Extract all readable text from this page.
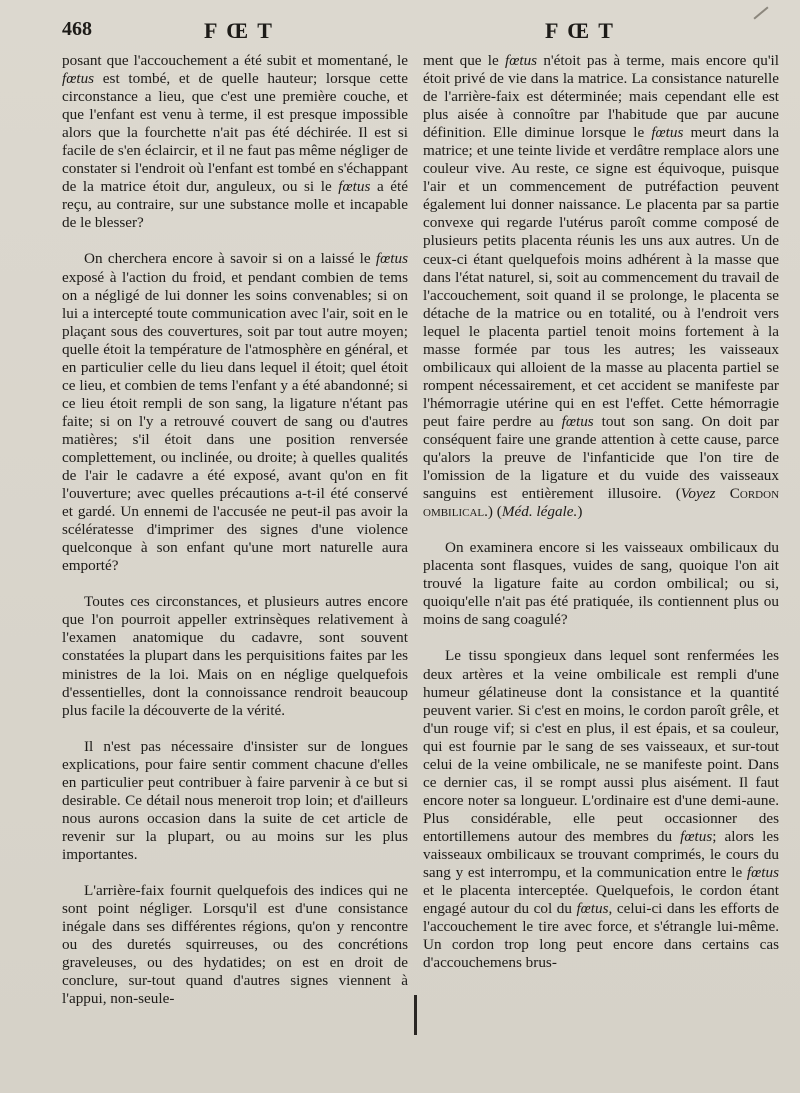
468	F Œ T	F Œ T

posant que l'accouchement a été subit et momentané, le fœtus est tombé, et de quelle hauteur; lorsque cette circonstance a lieu, que c'est une première couche, et que l'enfant est venu à terme, il est presque impossible alors que la fourchette n'ait pas été déchirée. Il est si facile de s'en éclaircir, et il ne faut pas même négliger de constater si l'endroit où l'enfant est tombé en s'échappant de la matrice étoit dur, anguleux, ou si le fœtus a été reçu, au contraire, sur une substance molle et incapable de le blesser?

On cherchera encore à savoir si on a laissé le fœtus exposé à l'action du froid, et pendant combien de tems on a négligé de lui donner les soins convenables; si on lui a intercepté toute communication avec l'air, soit en le plaçant sous des couvertures, soit par tout autre moyen; quelle étoit la température de l'atmosphère en général, et en particulier celle du lieu dans lequel il étoit; quel étoit ce lieu, et combien de tems l'enfant y a été abandonné; si ce lieu étoit rempli de son sang, la ligature n'étant pas faite; si on l'y a retrouvé couvert de sang ou d'autres matières; s'il étoit dans une position renversée complettement, ou inclinée, ou droite; à quelles qualités de l'air le cadavre a été exposé, avant qu'on en fit l'ouverture; avec quelles précautions a-t-il été conservé et gardé. Un ennemi de l'accusée ne peut-il pas avoir la scélératesse d'imprimer des signes d'une violence quelconque à son enfant qu'une mort naturelle aura emporté?

Toutes ces circonstances, et plusieurs autres encore que l'on pourroit appeller extrinsèques relativement à l'examen anatomique du cadavre, sont souvent constatées la plupart dans les perquisitions faites par les ministres de la loi. Mais on en néglige quelquefois d'essentielles, dont la connoissance rendroit beaucoup plus facile la découverte de la vérité.

Il n'est pas nécessaire d'insister sur de longues explications, pour faire sentir comment chacune d'elles en particulier peut contribuer à faire parvenir à ce but si desirable. Ce détail nous meneroit trop loin; et d'ailleurs nous aurons occasion dans la suite de cet article de revenir sur la plupart, ou au moins sur les plus importantes.

L'arrière-faix fournit quelquefois des indices qui ne sont point négliger. Lorsqu'il est d'une consistance inégale dans ses différentes régions, qu'on y rencontre ou des duretés squirreuses, ou des concrétions graveleuses, ou des hydatides; on est en droit de conclure, sur-tout quand d'autres signes viennent à l'appui, non-seule-

ment que le fœtus n'étoit pas à terme, mais encore qu'il étoit privé de vie dans la matrice. La consistance naturelle de l'arrière-faix est déterminée; mais cependant elle est plus aisée à connoître par l'habitude que par aucune définition. Elle diminue lorsque le fœtus meurt dans la matrice; et une teinte livide et verdâtre remplace alors une couleur vive. Au reste, ce signe est équivoque, puisque l'air et un commencement de putréfaction peuvent également lui donner naissance. Le placenta par sa partie convexe qui regarde l'utérus paroît comme composé de plusieurs petits placenta réunis les uns aux autres. Un de ceux-ci étant quelquefois moins adhérent à la masse que dans l'état naturel, si, soit au commencement du travail de l'accouchement, soit quand il se prolonge, le placenta se détache de la matrice ou en totalité, ou à l'endroit vers lequel le placenta partiel tenoit moins fortement à la masse formée par tous les autres; les vaisseaux ombilicaux qui alloient de la masse au placenta partiel se rompent nécessairement, et cet accident se manifeste par l'hémorragie utérine qui en est l'effet. Cette hémorragie peut faire perdre au fœtus tout son sang. On doit par conséquent faire une grande attention à cette cause, parce qu'alors la preuve de l'infanticide que l'on tire de l'omission de la ligature et du vuide des vaisseaux sanguins est entièrement illusoire. (Voyez Cordon ombilical.) (Méd. légale.)

On examinera encore si les vaisseaux ombilicaux du placenta sont flasques, vuides de sang, quoique l'on ait trouvé la ligature faite au cordon ombilical; ou si, quoiqu'elle n'ait pas été pratiquée, ils contiennent plus ou moins de sang coagulé?

Le tissu spongieux dans lequel sont renfermées les deux artères et la veine ombilicale est rempli d'une humeur gélatineuse dont la consistance et la quantité peuvent varier. Si c'est en moins, le cordon paroît grêle, et d'un rouge vif; si c'est en plus, il est épais, et sa couleur, qui est fournie par le sang de ses vaisseaux, et sur-tout celui de la veine ombilicale, ne se manifeste point. Dans ce dernier cas, il se rompt aussi plus aisément. Il faut encore noter sa longueur. L'ordinaire est d'une demi-aune. Plus considérable, elle peut occasionner des entortillemens autour des membres du fœtus; alors les vaisseaux ombilicaux se trouvant comprimés, le cours du sang y est interrompu, et la communication entre le fœtus et le placenta interceptée. Quelquefois, le cordon étant engagé autour du col du fœtus, celui-ci dans les efforts de l'accouchement le tire avec force, et s'étrangle lui-même. Un cordon trop long peut encore dans certains cas d'accouchemens brus-
